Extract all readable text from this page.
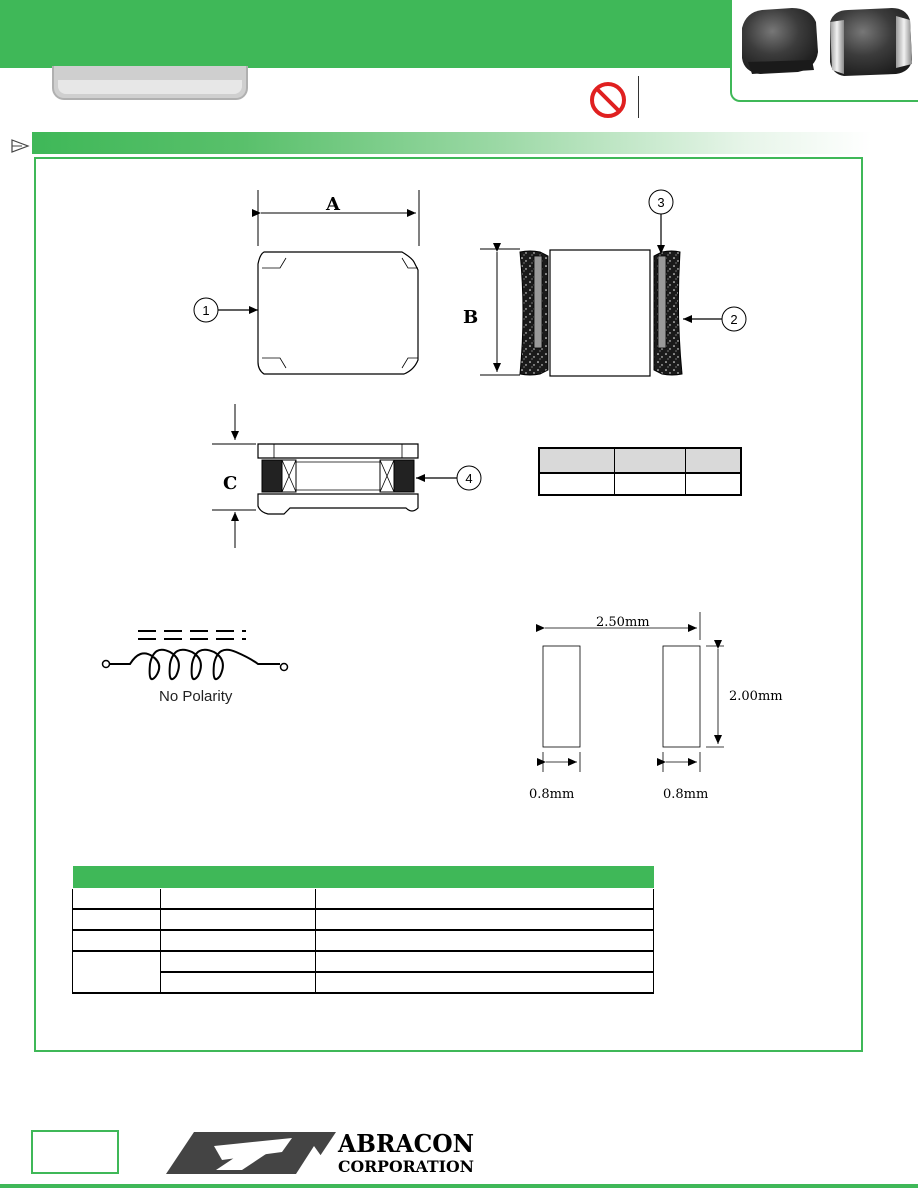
A
B
C
1
2
3
4
2.50mm
2.00mm
0.8mm	0.8mm
No Polarity

ABRACON
CORPORATION
